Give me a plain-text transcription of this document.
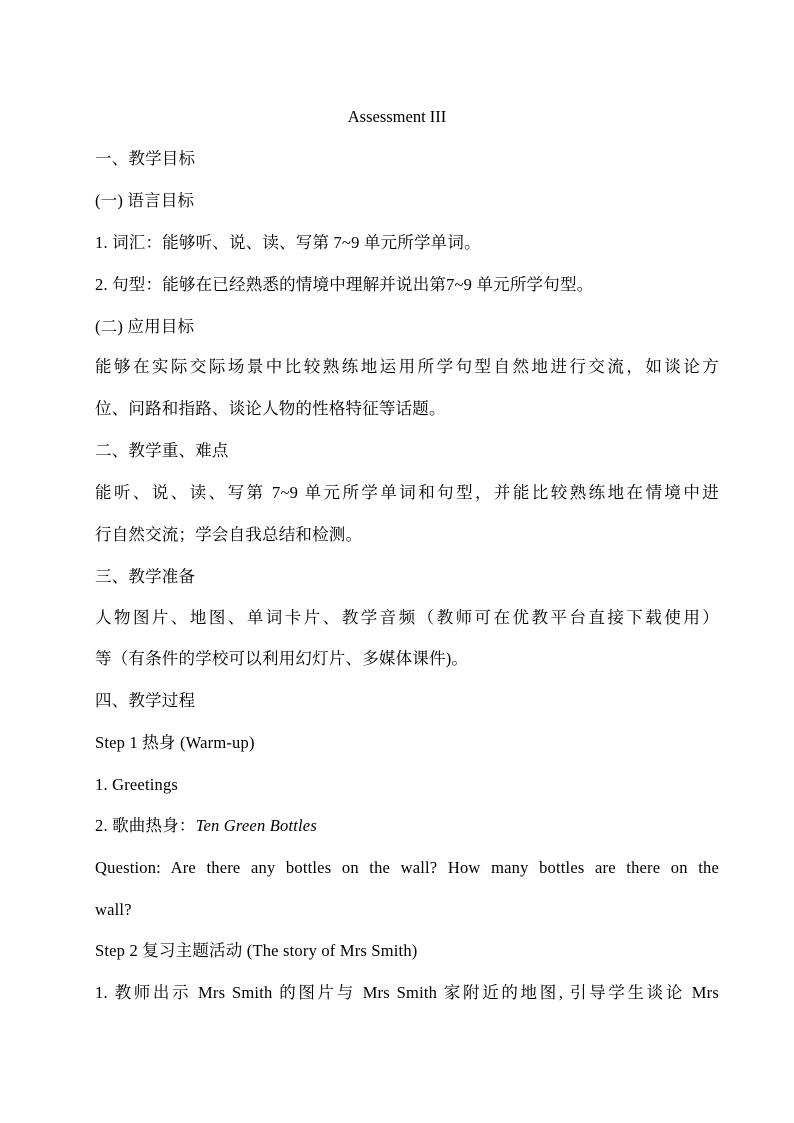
Assessment III
一、教学目标
(一) 语言目标
1. 词汇：能够听、说、读、写第 7~9 单元所学单词。
2. 句型：能够在已经熟悉的情境中理解并说出第7~9 单元所学句型。
(二) 应用目标
能够在实际交际场景中比较熟练地运用所学句型自然地进行交流，如谈论方
位、问路和指路、谈论人物的性格特征等话题。
二、教学重、难点
能听、说、读、写第 7~9 单元所学单词和句型，并能比较熟练地在情境中进
行自然交流；学会自我总结和检测。
三、教学准备
人物图片、地图、单词卡片、教学音频（教师可在优教平台直接下载使用）
等（有条件的学校可以利用幻灯片、多媒体课件)。
四、教学过程
Step 1 热身 (Warm-up)
1. Greetings
2. 歌曲热身：Ten Green Bottles
Question: Are there any bottles on the wall? How many bottles are there on the
wall?
Step 2 复习主题活动 (The story of Mrs Smith)
1. 教师出示 Mrs Smith 的图片与 Mrs Smith 家附近的地图, 引导学生谈论 Mrs
